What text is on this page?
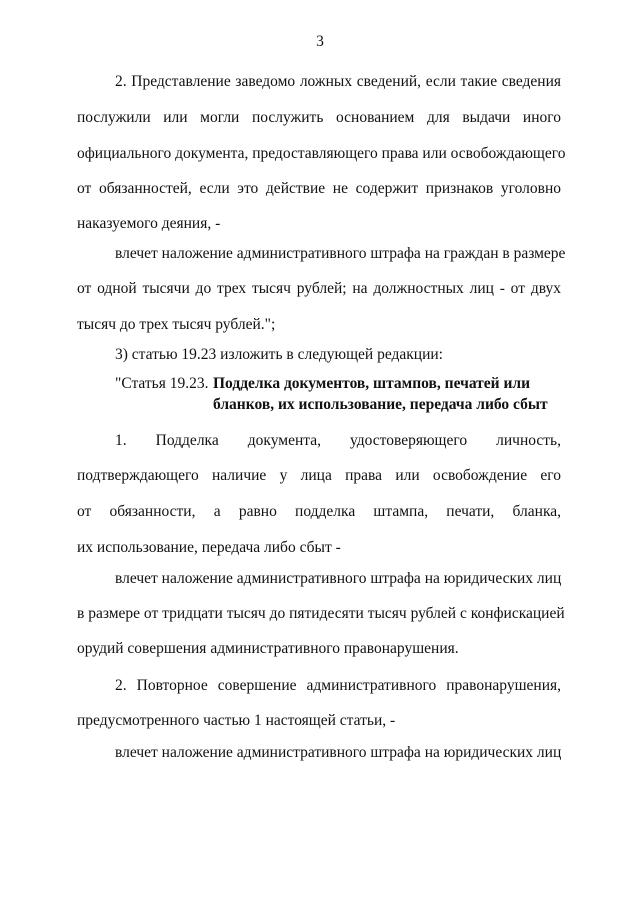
3
2. Представление заведомо ложных сведений, если такие сведения
послужили или могли послужить основанием для выдачи иного
официального документа, предоставляющего права или освобождающего
от обязанностей, если это действие не содержит признаков уголовно
наказуемого деяния, -
влечет наложение административного штрафа на граждан в размере
от одной тысячи до трех тысяч рублей; на должностных лиц - от двух
тысяч до трех тысяч рублей.";
3) статью 19.23 изложить в следующей редакции:
"Статья 19.23. Подделка документов, штампов, печатей или
бланков, их использование, передача либо сбыт
1. Подделка документа, удостоверяющего личность,
подтверждающего наличие у лица права или освобождение его
от обязанности, а равно подделка штампа, печати, бланка,
их использование, передача либо сбыт -
влечет наложение административного штрафа на юридических лиц
в размере от тридцати тысяч до пятидесяти тысяч рублей с конфискацией
орудий совершения административного правонарушения.
2. Повторное совершение административного правонарушения,
предусмотренного частью 1 настоящей статьи, -
влечет наложение административного штрафа на юридических лиц
